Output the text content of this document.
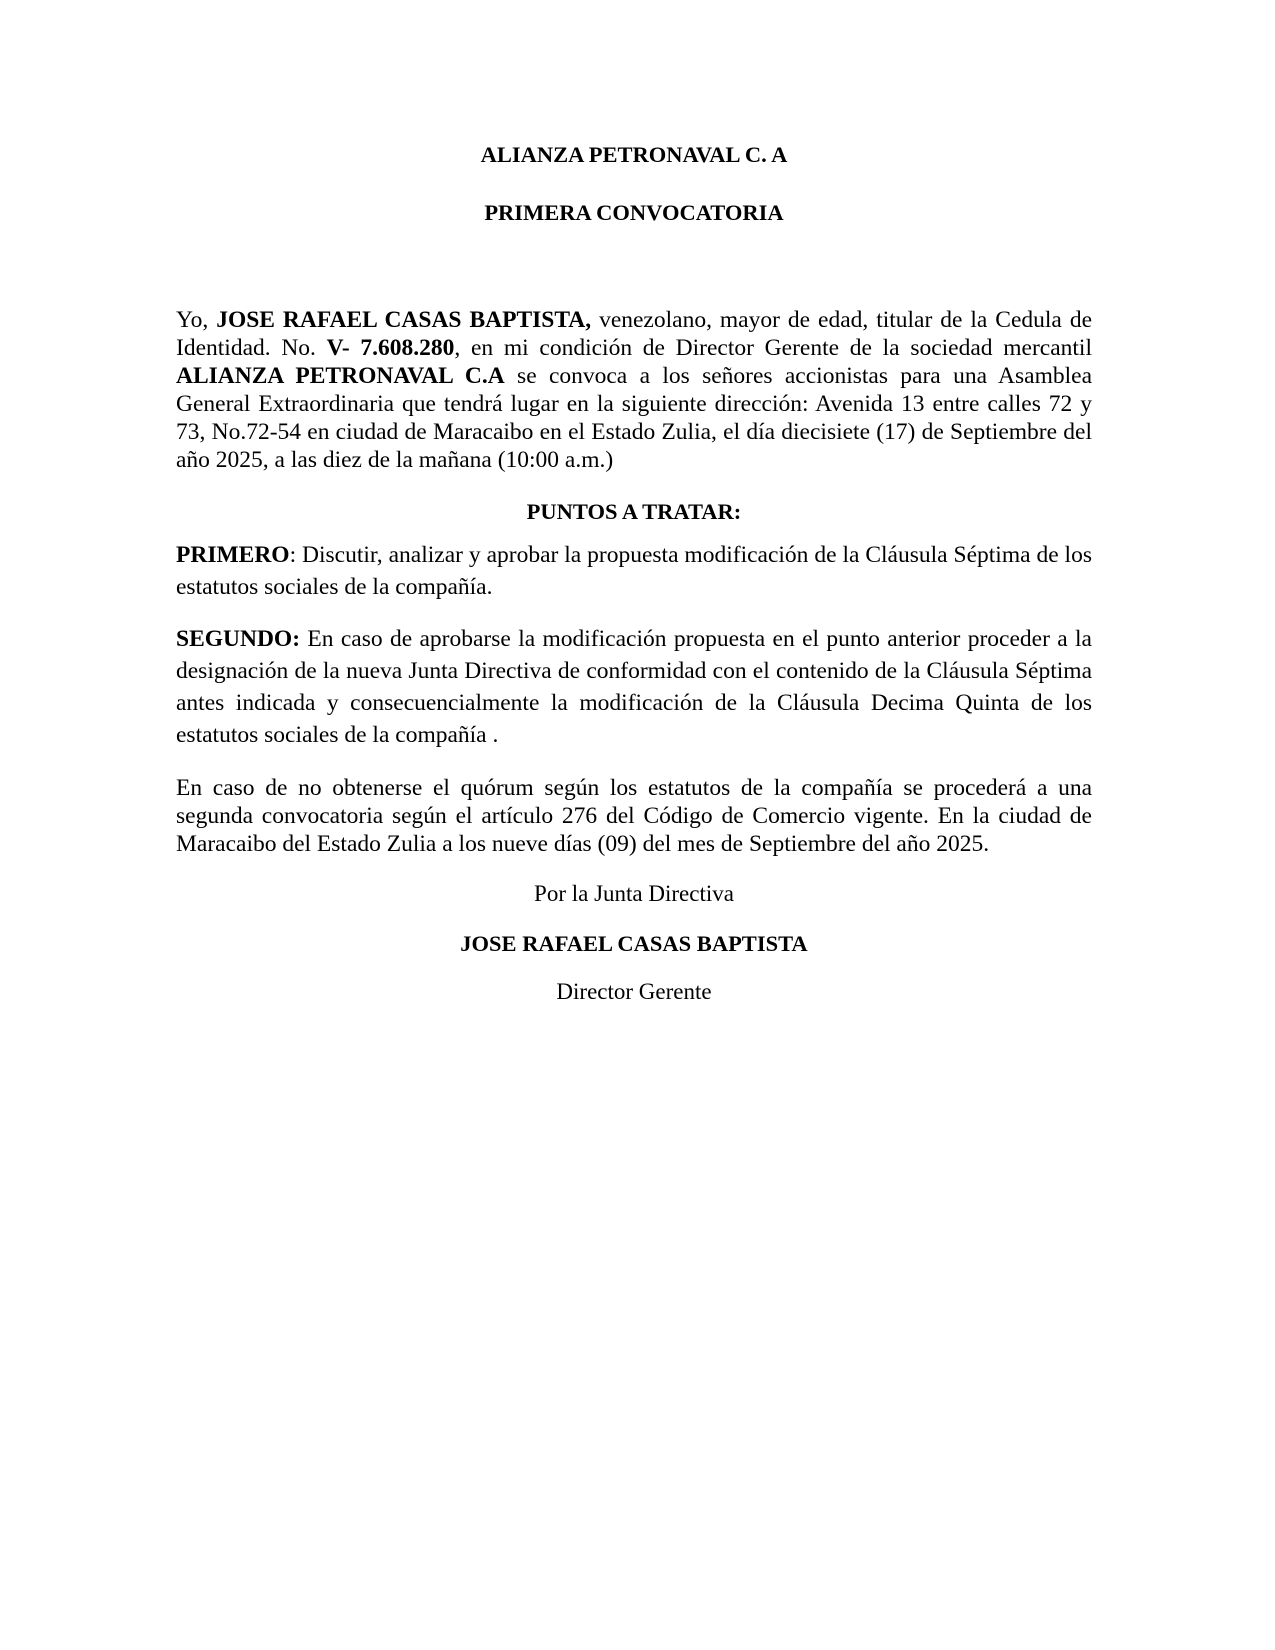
ALIANZA PETRONAVAL C. A

PRIMERA CONVOCATORIA

Yo, JOSE RAFAEL CASAS BAPTISTA, venezolano, mayor de edad, titular de la Cedula de Identidad. No. V- 7.608.280, en mi condición de Director Gerente de la sociedad mercantil ALIANZA PETRONAVAL C.A se convoca a los señores accionistas para una Asamblea General Extraordinaria que tendrá lugar en la siguiente dirección: Avenida 13 entre calles 72 y 73, No.72-54 en ciudad de Maracaibo en el Estado Zulia, el día diecisiete (17) de Septiembre del año 2025, a las diez de la mañana (10:00 a.m.)

PUNTOS A TRATAR:

PRIMERO: Discutir, analizar y aprobar la propuesta modificación de la Cláusula Séptima de los estatutos sociales de la compañía.

SEGUNDO: En caso de aprobarse la modificación propuesta en el punto anterior proceder a la designación de la nueva Junta Directiva de conformidad con el contenido de la Cláusula Séptima antes indicada y consecuencialmente la modificación de la Cláusula Decima Quinta de los estatutos sociales de la compañía .

En caso de no obtenerse el quórum según los estatutos de la compañía se procederá a una segunda convocatoria según el artículo 276 del Código de Comercio vigente. En la ciudad de Maracaibo del Estado Zulia a los nueve días (09) del mes de Septiembre del año 2025.

Por la Junta Directiva

JOSE RAFAEL CASAS BAPTISTA

Director Gerente
